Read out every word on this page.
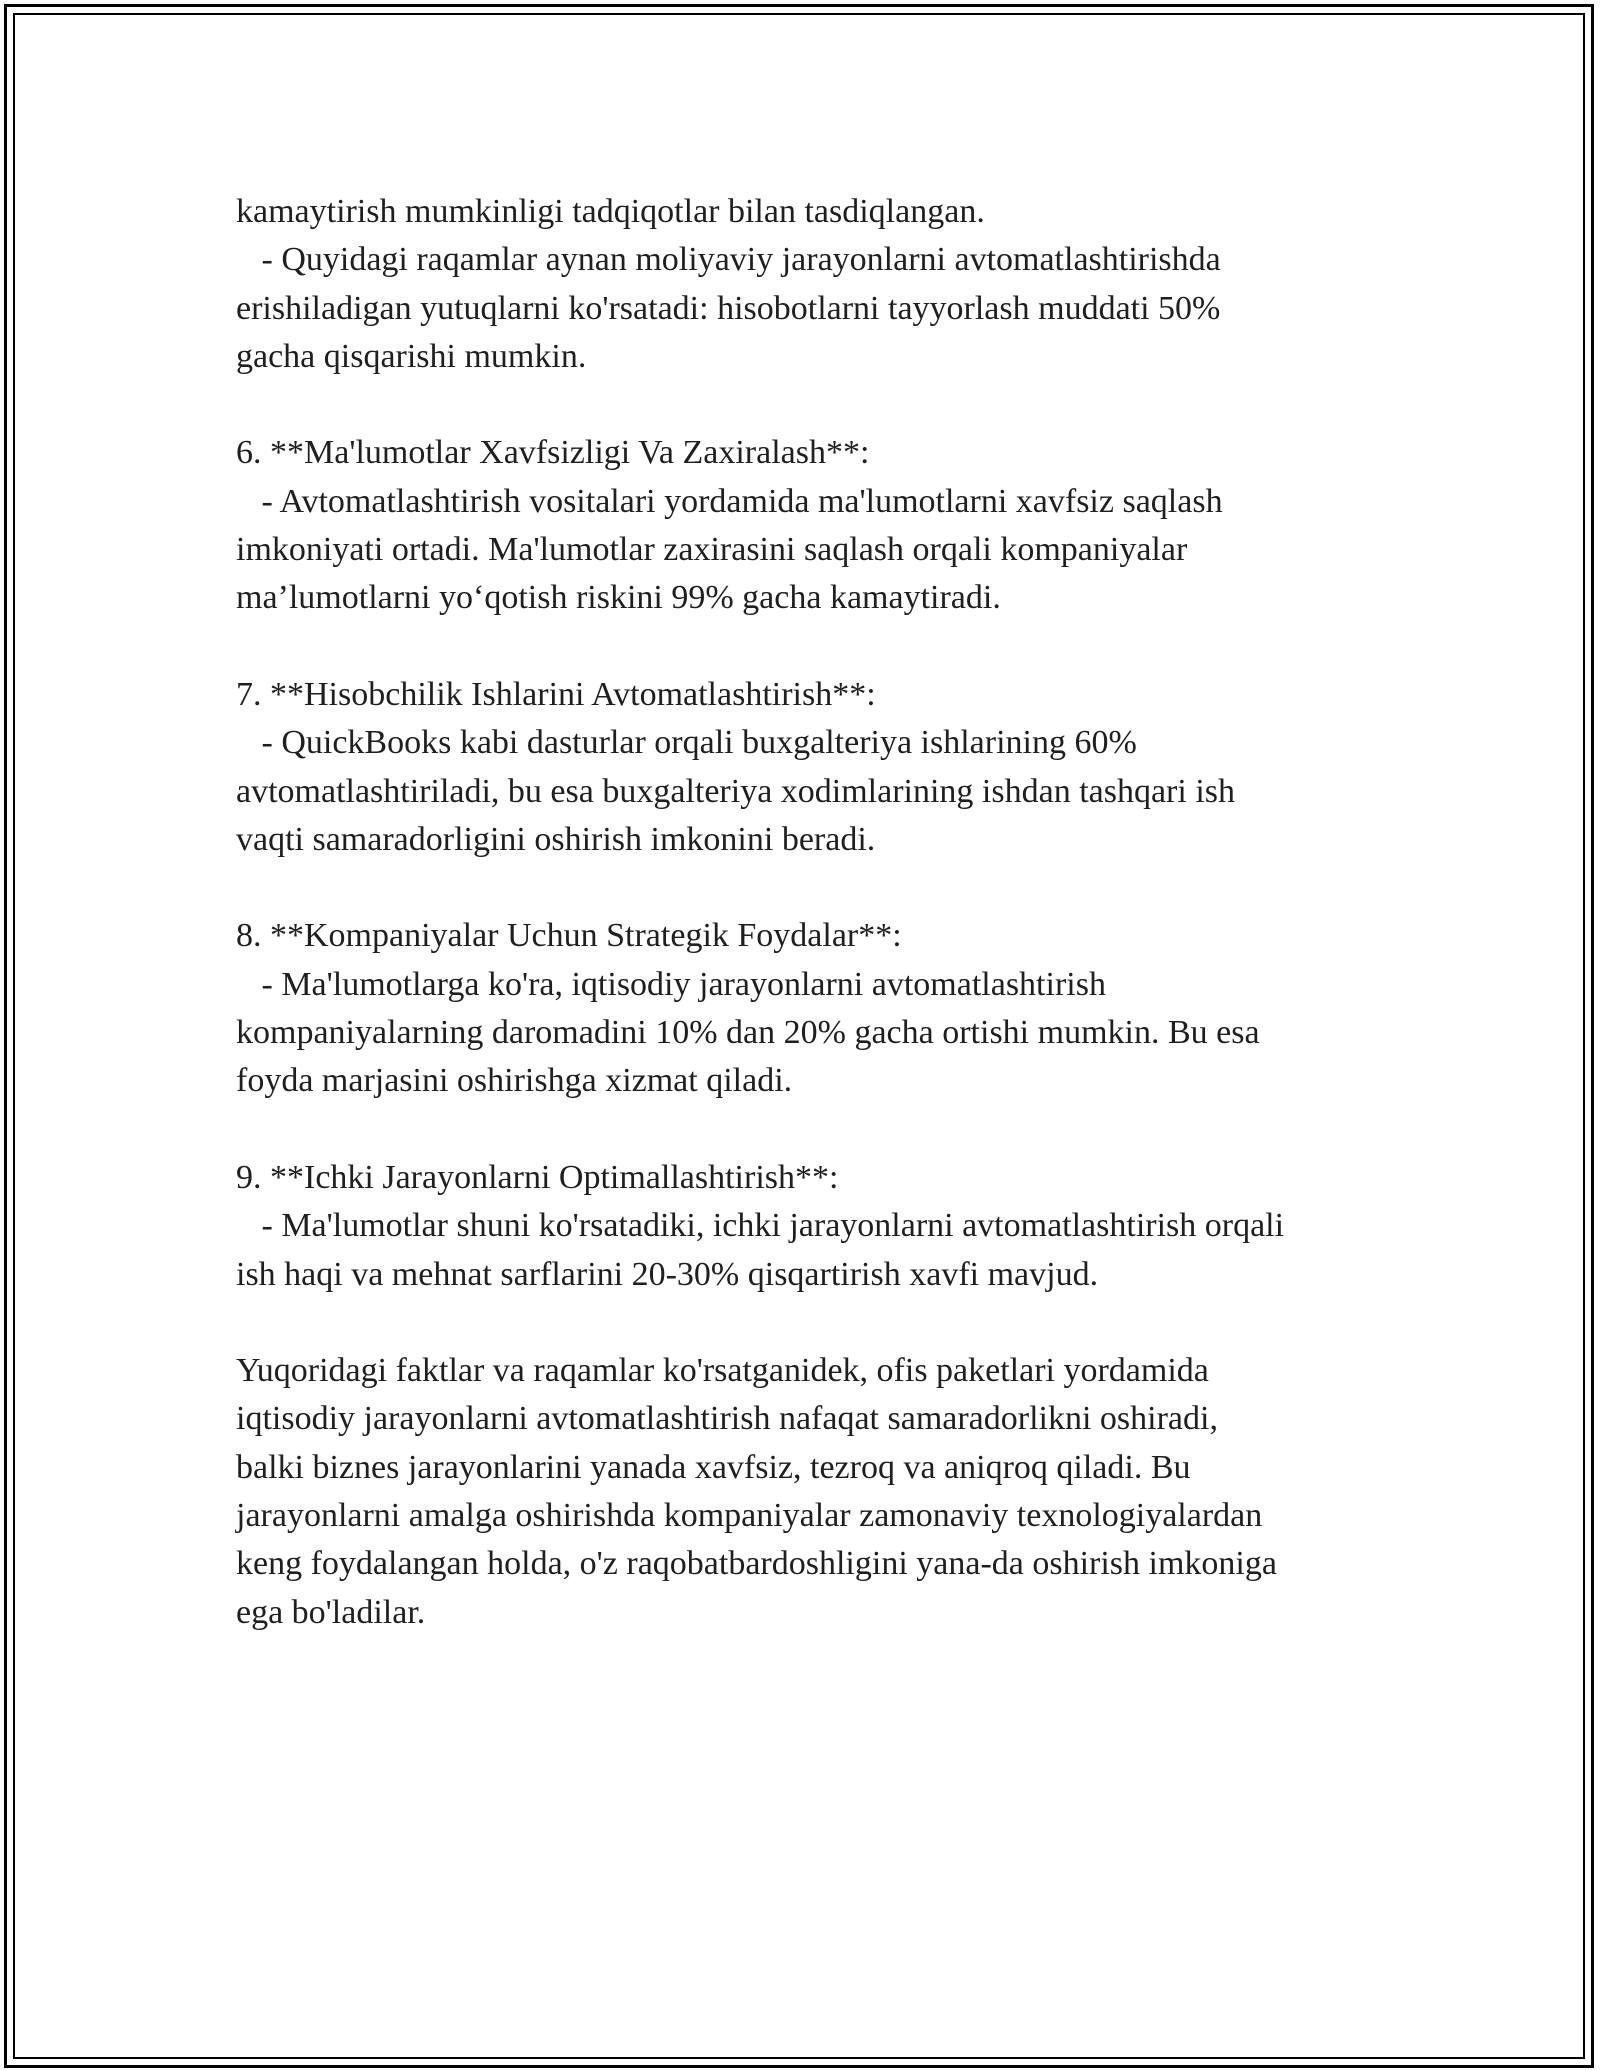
kamaytirish mumkinligi tadqiqotlar bilan tasdiqlangan.
- Quyidagi raqamlar aynan moliyaviy jarayonlarni avtomatlashtirishda
erishiladigan yutuqlarni ko'rsatadi: hisobotlarni tayyorlash muddati 50%
gacha qisqarishi mumkin.
6. **Ma'lumotlar Xavfsizligi Va Zaxiralash**:
- Avtomatlashtirish vositalari yordamida ma'lumotlarni xavfsiz saqlash
imkoniyati ortadi. Ma'lumotlar zaxirasini saqlash orqali kompaniyalar
ma’lumotlarni yo‘qotish riskini 99% gacha kamaytiradi.
7. **Hisobchilik Ishlarini Avtomatlashtirish**:
- QuickBooks kabi dasturlar orqali buxgalteriya ishlarining 60%
avtomatlashtiriladi, bu esa buxgalteriya xodimlarining ishdan tashqari ish
vaqti samaradorligini oshirish imkonini beradi.
8. **Kompaniyalar Uchun Strategik Foydalar**:
- Ma'lumotlarga ko'ra, iqtisodiy jarayonlarni avtomatlashtirish
kompaniyalarning daromadini 10% dan 20% gacha ortishi mumkin. Bu esa
foyda marjasini oshirishga xizmat qiladi.
9. **Ichki Jarayonlarni Optimallashtirish**:
- Ma'lumotlar shuni ko'rsatadiki, ichki jarayonlarni avtomatlashtirish orqali
ish haqi va mehnat sarflarini 20-30% qisqartirish xavfi mavjud.
Yuqoridagi faktlar va raqamlar ko'rsatganidek, ofis paketlari yordamida
iqtisodiy jarayonlarni avtomatlashtirish nafaqat samaradorlikni oshiradi,
balki biznes jarayonlarini yanada xavfsiz, tezroq va aniqroq qiladi. Bu
jarayonlarni amalga oshirishda kompaniyalar zamonaviy texnologiyalardan
keng foydalangan holda, o'z raqobatbardoshligini yana-da oshirish imkoniga
ega bo'ladilar.
